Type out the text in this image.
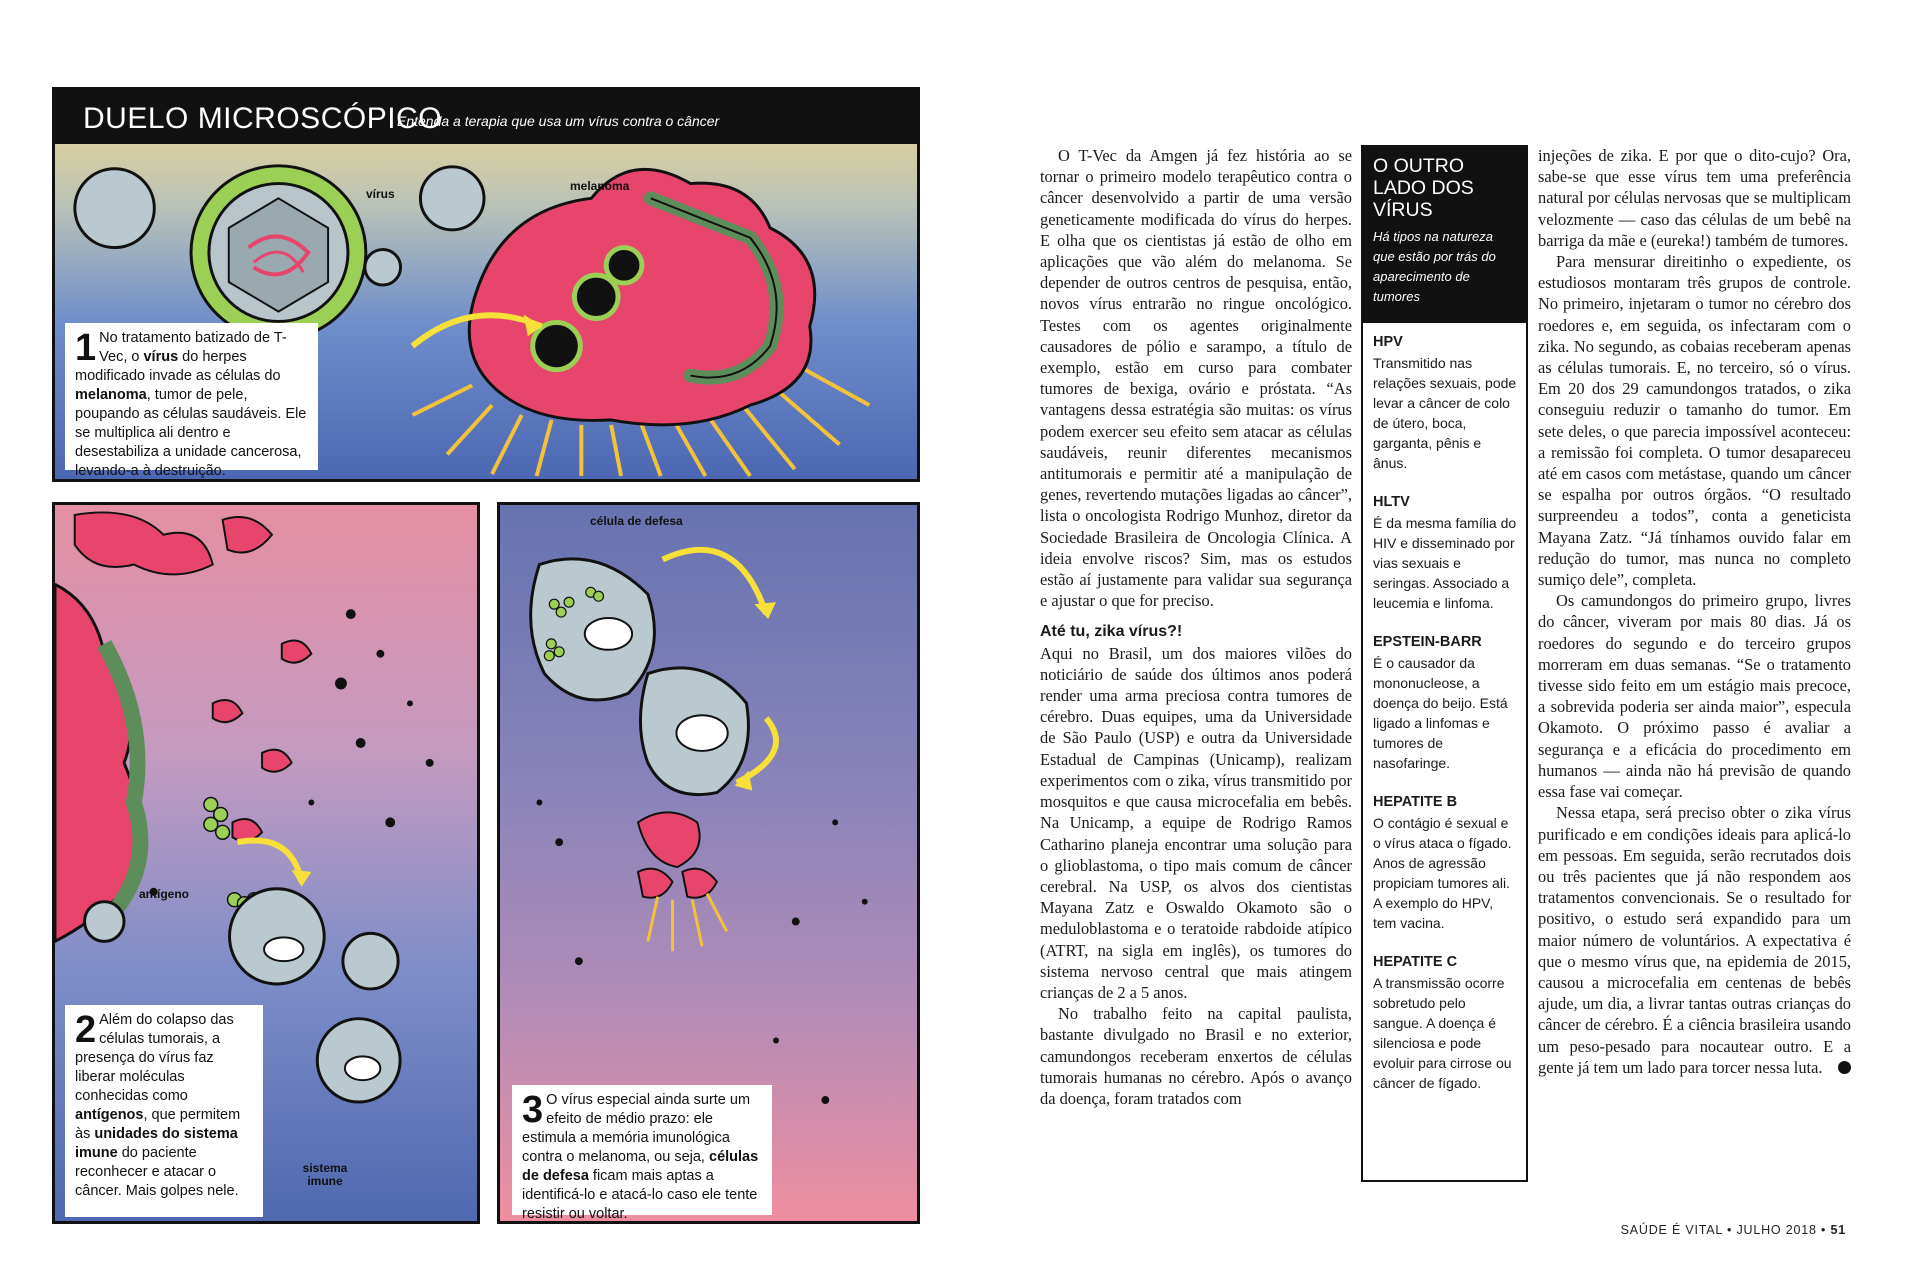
DUELO MICROSCÓPICO
Entenda a terapia que usa um vírus contra o câncer
vírus
melanoma
1 No tratamento batizado de T-Vec, o vírus do herpes modificado invade as células do melanoma, tumor de pele, poupando as células saudáveis. Ele se multiplica ali dentro e desestabiliza a unidade cancerosa, levando-a à destruição.
antígeno
sistema imune
2 Além do colapso das células tumorais, a presença do vírus faz liberar moléculas conhecidas como antígenos, que permitem às unidades do sistema imune do paciente reconhecer e atacar o câncer. Mais golpes nele.
célula de defesa
3 O vírus especial ainda surte um efeito de médio prazo: ele estimula a memória imunológica contra o melanoma, ou seja, células de defesa ficam mais aptas a identificá-lo e atacá-lo caso ele tente resistir ou voltar.

O T-Vec da Amgen já fez história ao se tornar o primeiro modelo terapêutico contra o câncer desenvolvido a partir de uma versão geneticamente modificada do vírus do herpes. E olha que os cientistas já estão de olho em aplicações que vão além do melanoma. Se depender de outros centros de pesquisa, então, novos vírus entrarão no ringue oncológico. Testes com os agentes originalmente causadores de pólio e sarampo, a título de exemplo, estão em curso para combater tumores de bexiga, ovário e próstata. “As vantagens dessa estratégia são muitas: os vírus podem exercer seu efeito sem atacar as células saudáveis, reunir diferentes mecanismos antitumorais e permitir até a manipulação de genes, revertendo mutações ligadas ao câncer”, lista o oncologista Rodrigo Munhoz, diretor da Sociedade Brasileira de Oncologia Clínica. A ideia envolve riscos? Sim, mas os estudos estão aí justamente para validar sua segurança e ajustar o que for preciso.

Até tu, zika vírus?!

Aqui no Brasil, um dos maiores vilões do noticiário de saúde dos últimos anos poderá render uma arma preciosa contra tumores de cérebro. Duas equipes, uma da Universidade de São Paulo (USP) e outra da Universidade Estadual de Campinas (Unicamp), realizam experimentos com o zika, vírus transmitido por mosquitos e que causa microcefalia em bebês. Na Unicamp, a equipe de Rodrigo Ramos Catharino planeja encontrar uma solução para o glioblastoma, o tipo mais comum de câncer cerebral. Na USP, os alvos dos cientistas Mayana Zatz e Oswaldo Okamoto são o meduloblastoma e o teratoide rabdoide atípico (ATRT, na sigla em inglês), os tumores do sistema nervoso central que mais atingem crianças de 2 a 5 anos.

No trabalho feito na capital paulista, bastante divulgado no Brasil e no exterior, camundongos receberam enxertos de células tumorais humanas no cérebro. Após o avanço da doença, foram tratados com

O OUTRO LADO DOS VÍRUS
Há tipos na natureza que estão por trás do aparecimento de tumores
HPV
Transmitido nas relações sexuais, pode levar a câncer de colo de útero, boca, garganta, pênis e ânus.
HLTV
É da mesma família do HIV e disseminado por vias sexuais e seringas. Associado a leucemia e linfoma.
EPSTEIN-BARR
É o causador da mononucleose, a doença do beijo. Está ligado a linfomas e tumores de nasofaringe.
HEPATITE B
O contágio é sexual e o vírus ataca o fígado. Anos de agressão propiciam tumores ali. A exemplo do HPV, tem vacina.
HEPATITE C
A transmissão ocorre sobretudo pelo sangue. A doença é silenciosa e pode evoluir para cirrose ou câncer de fígado.

injeções de zika. E por que o dito-cujo? Ora, sabe-se que esse vírus tem uma preferência natural por células nervosas que se multiplicam velozmente — caso das células de um bebê na barriga da mãe e (eureka!) também de tumores.

Para mensurar direitinho o expediente, os estudiosos montaram três grupos de controle. No primeiro, injetaram o tumor no cérebro dos roedores e, em seguida, os infectaram com o zika. No segundo, as cobaias receberam apenas as células tumorais. E, no terceiro, só o vírus. Em 20 dos 29 camundongos tratados, o zika conseguiu reduzir o tamanho do tumor. Em sete deles, o que parecia impossível aconteceu: a remissão foi completa. O tumor desapareceu até em casos com metástase, quando um câncer se espalha por outros órgãos. “O resultado surpreendeu a todos”, conta a geneticista Mayana Zatz. “Já tínhamos ouvido falar em redução do tumor, mas nunca no completo sumiço dele”, completa.

Os camundongos do primeiro grupo, livres do câncer, viveram por mais 80 dias. Já os roedores do segundo e do terceiro grupos morreram em duas semanas. “Se o tratamento tivesse sido feito em um estágio mais precoce, a sobrevida poderia ser ainda maior”, especula Okamoto. O próximo passo é avaliar a segurança e a eficácia do procedimento em humanos — ainda não há previsão de quando essa fase vai começar.

Nessa etapa, será preciso obter o zika vírus purificado e em condições ideais para aplicá-lo em pessoas. Em seguida, serão recrutados dois ou três pacientes que já não respondem aos tratamentos convencionais. Se o resultado for positivo, o estudo será expandido para um maior número de voluntários. A expectativa é que o mesmo vírus que, na epidemia de 2015, causou a microcefalia em centenas de bebês ajude, um dia, a livrar tantas outras crianças do câncer de cérebro. É a ciência brasileira usando um peso-pesado para nocautear outro. E a gente já tem um lado para torcer nessa luta.

SAÚDE É VITAL • JULHO 2018 • 51
